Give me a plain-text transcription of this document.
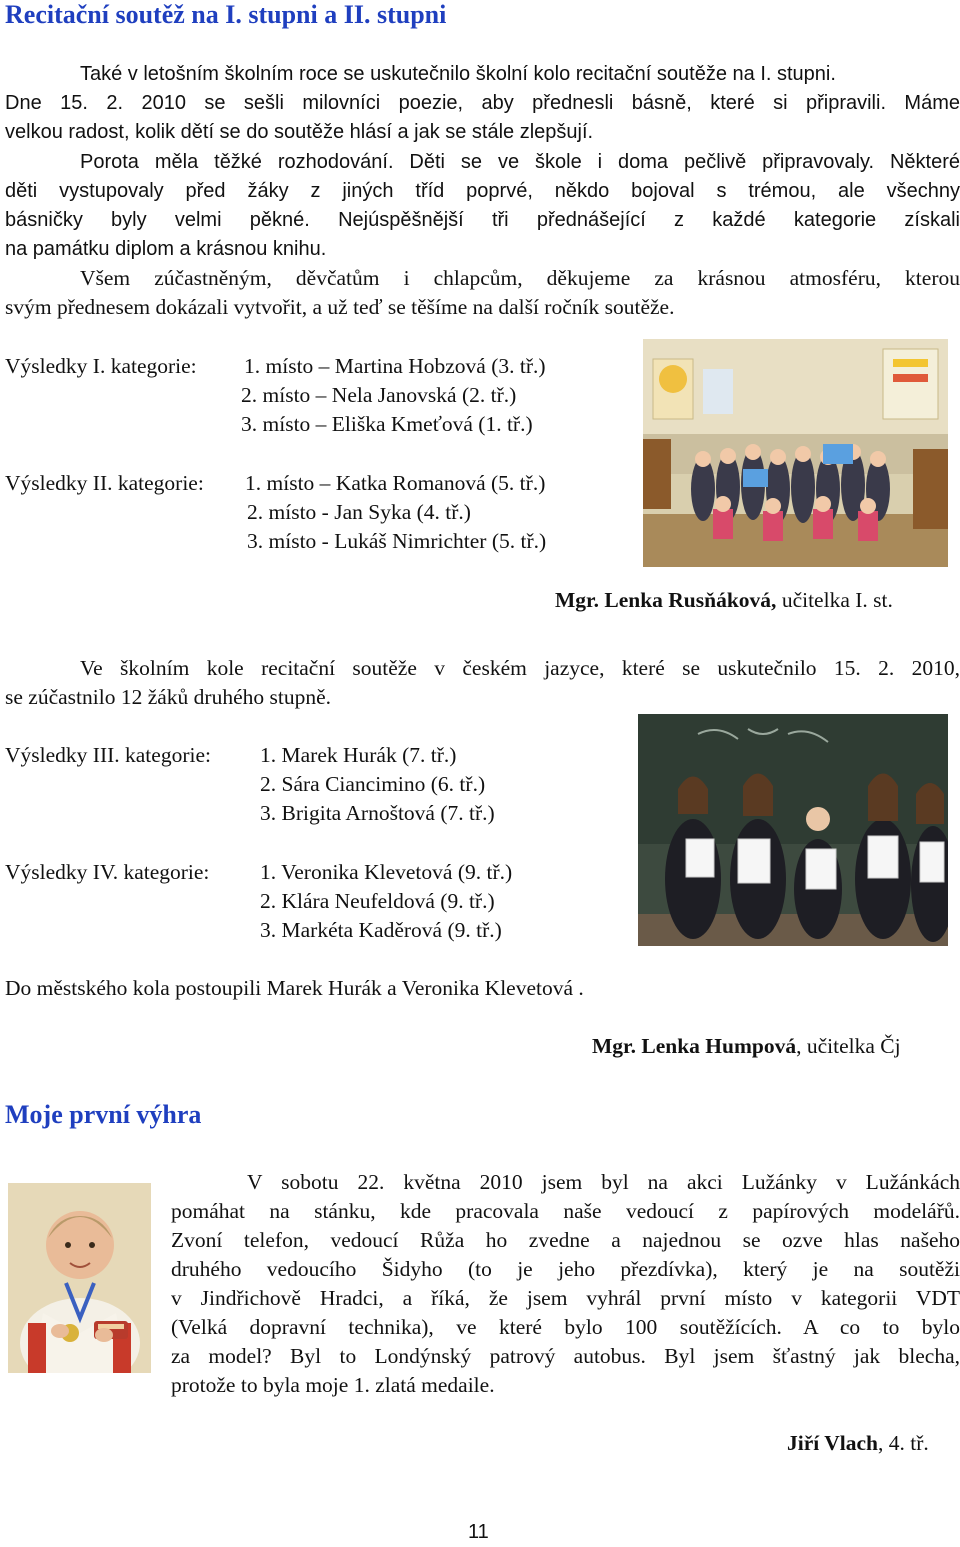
Recitační soutěž na I. stupni a II. stupni
Také v letošním školním roce se uskutečnilo školní kolo recitační soutěže na I. stupni.
Dne 15. 2. 2010 se sešli milovníci poezie, aby přednesli básně, které si připravili. Máme
velkou radost, kolik dětí se do soutěže hlásí a jak se stále zlepšují.
Porota měla těžké rozhodování. Děti se ve škole i doma pečlivě připravovaly. Některé
děti vystupovaly před žáky z jiných tříd poprvé, někdo bojoval s trémou, ale všechny
básničky byly velmi pěkné. Nejúspěšnější tři přednášející z každé kategorie získali
na památku diplom a krásnou knihu.
Všem zúčastněným, děvčatům i chlapcům, děkujeme za krásnou atmosféru, kterou
svým přednesem dokázali vytvořit, a už teď se těšíme na další ročník soutěže.
Výsledky I. kategorie: 1. místo – Martina Hobzová (3. tř.)
2. místo – Nela Janovská (2. tř.)
3. místo – Eliška Kmeťová (1. tř.)
Výsledky II. kategorie: 1. místo – Katka Romanová (5. tř.)
2. místo - Jan Syka (4. tř.)
3. místo - Lukáš Nimrichter (5. tř.)
Mgr. Lenka Rusňáková, učitelka I. st.
Ve školním kole recitační soutěže v českém jazyce, které se uskutečnilo 15. 2. 2010,
se zúčastnilo 12 žáků druhého stupně.
Výsledky III. kategorie: 1. Marek Hurák (7. tř.)
2. Sára Ciancimino (6. tř.)
3. Brigita Arnoštová (7. tř.)
Výsledky IV. kategorie: 1. Veronika Klevetová (9. tř.)
2. Klára Neufeldová (9. tř.)
3. Markéta Kaděrová (9. tř.)
Do městského kola postoupili Marek Hurák a Veronika Klevetová .
Mgr. Lenka Humpová, učitelka Čj
Moje první výhra
V sobotu 22. května 2010 jsem byl na akci Lužánky v Lužánkách
pomáhat na stánku, kde pracovala naše vedoucí z papírových modelářů.
Zvoní telefon, vedoucí Růža ho zvedne a najednou se ozve hlas našeho
druhého vedoucího Šidyho (to je jeho přezdívka), který je na soutěži
v Jindřichově Hradci, a říká, že jsem vyhrál první místo v kategorii VDT
(Velká dopravní technika), ve které bylo 100 soutěžících. A co to bylo
za model? Byl to Londýnský patrový autobus. Byl jsem šťastný jak blecha,
protože to byla moje 1. zlatá medaile.
Jiří Vlach, 4. tř.
11
